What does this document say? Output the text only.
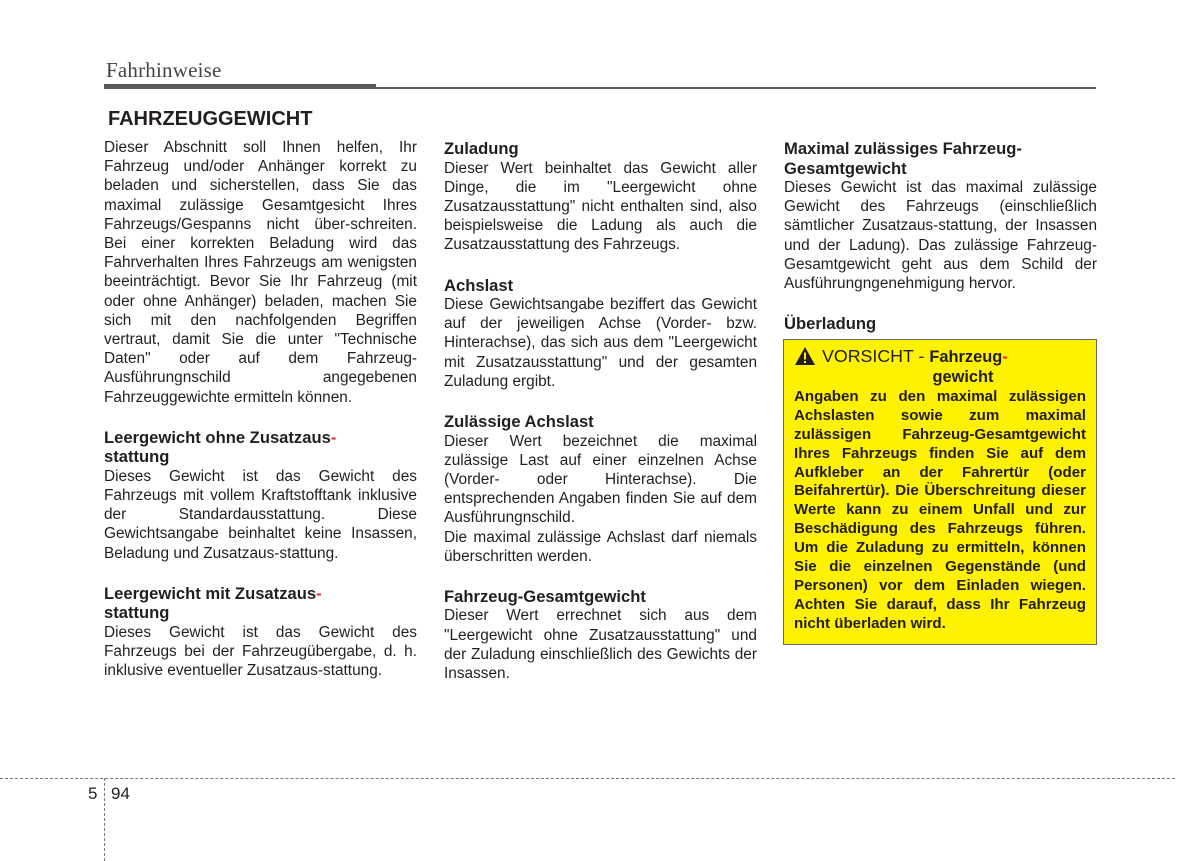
Fahrhinweise
FAHRZEUGGEWICHT

Dieser Abschnitt soll Ihnen helfen, Ihr Fahrzeug und/oder Anhänger korrekt zu beladen und sicherstellen, dass Sie das maximal zulässige Gesamtgesicht Ihres Fahrzeugs/Gespanns nicht über-schreiten. Bei einer korrekten Beladung wird das Fahrverhalten Ihres Fahrzeugs am wenigsten beeinträchtigt. Bevor Sie Ihr Fahrzeug (mit oder ohne Anhänger) beladen, machen Sie sich mit den nachfolgenden Begriffen vertraut, damit Sie die unter "Technische Daten" oder auf dem Fahrzeug-Ausführungnschild angegebenen Fahrzeuggewichte ermitteln können.

Leergewicht ohne Zusatzaus-
stattung

Dieses Gewicht ist das Gewicht des Fahrzeugs mit vollem Kraftstofftank inklusive der Standardausstattung. Diese Gewichtsangabe beinhaltet keine Insassen, Beladung und Zusatzaus-stattung.

Leergewicht mit Zusatzaus-
stattung

Dieses Gewicht ist das Gewicht des Fahrzeugs bei der Fahrzeugübergabe, d. h. inklusive eventueller Zusatzaus-stattung.

Zuladung

Dieser Wert beinhaltet das Gewicht aller Dinge, die im "Leergewicht ohne Zusatzausstattung" nicht enthalten sind, also beispielsweise die Ladung als auch die Zusatzausstattung des Fahrzeugs.

Achslast

Diese Gewichtsangabe beziffert das Gewicht auf der jeweiligen Achse (Vorder- bzw. Hinterachse), das sich aus dem "Leergewicht mit Zusatzausstattung" und der gesamten Zuladung ergibt.

Zulässige Achslast

Dieser Wert bezeichnet die maximal zulässige Last auf einer einzelnen Achse (Vorder- oder Hinterachse). Die entsprechenden Angaben finden Sie auf dem Ausführungnschild.

Die maximal zulässige Achslast darf niemals überschritten werden.

Fahrzeug-Gesamtgewicht

Dieser Wert errechnet sich aus dem "Leergewicht ohne Zusatzausstattung" und der Zuladung einschließlich des Gewichts der Insassen.

Maximal zulässiges Fahrzeug-
Gesamtgewicht

Dieses Gewicht ist das maximal zulässige Gewicht des Fahrzeugs (einschließlich sämtlicher Zusatzaus-stattung, der Insassen und der Ladung). Das zulässige Fahrzeug-Gesamtgewicht geht aus dem Schild der Ausführungngenehmigung hervor.

Überladung
VORSICHT - Fahrzeug-
gewicht

Angaben zu den maximal zulässigen Achslasten sowie zum maximal zulässigen Fahrzeug-Gesamtgewicht Ihres Fahrzeugs finden Sie auf dem Aufkleber an der Fahrertür (oder Beifahrertür). Die Überschreitung dieser Werte kann zu einem Unfall und zur Beschädigung des Fahrzeugs führen. Um die Zuladung zu ermitteln, können Sie die einzelnen Gegenstände (und Personen) vor dem Einladen wiegen. Achten Sie darauf, dass Ihr Fahrzeug nicht überladen wird.

5 94
